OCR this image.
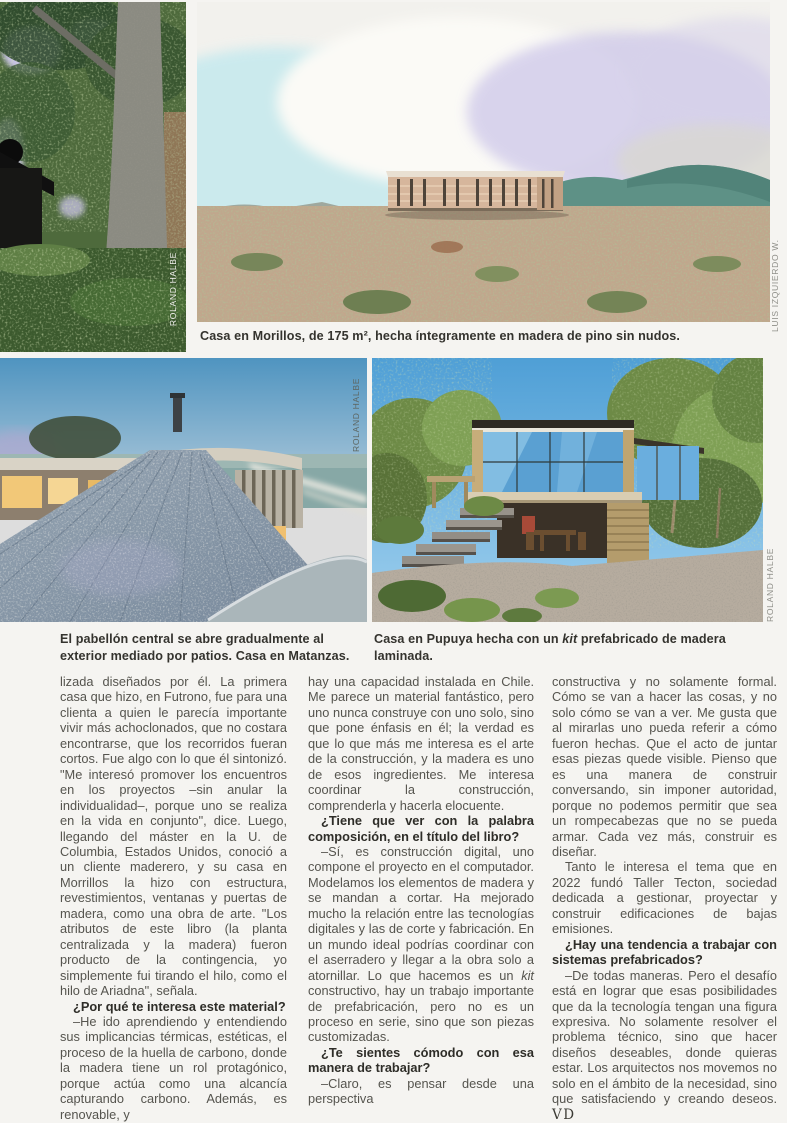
ROLAND HALBE	LUIS IZQUIERDO W.
Casa en Morillos, de 175 m², hecha íntegramente en madera de pino sin nudos.
ROLAND HALBE
ROLAND HALBE
El pabellón central se abre gradualmente al exterior mediado por patios. Casa en Matanzas.
Casa en Pupuya hecha con un kit prefabricado de madera laminada.

lizada diseñados por él. La primera casa que hizo, en Futrono, fue para una clienta a quien le parecía importante vivir más achoclonados, que no costara encontrarse, que los recorridos fueran cortos. Fue algo con lo que él sintonizó. "Me interesó promover los encuentros en los proyectos –sin anular la individualidad–, porque uno se realiza en la vida en conjunto", dice. Luego, llegando del máster en la U. de Columbia, Estados Unidos, conoció a un cliente maderero, y su casa en Morrillos la hizo con estructura, revestimientos, ventanas y puertas de madera, como una obra de arte. "Los atributos de este libro (la planta centralizada y la madera) fueron producto de la contingencia, yo simplemente fui tirando el hilo, como el hilo de Ariadna", señala.

¿Por qué te interesa este material?

–He ido aprendiendo y entendiendo sus implicancias térmicas, estéticas, el proceso de la huella de carbono, donde la madera tiene un rol protagónico, porque actúa como una alcancía capturando carbono. Además, es renovable, y

hay una capacidad instalada en Chile. Me parece un material fantástico, pero uno nunca construye con uno solo, sino que pone énfasis en él; la verdad es que lo que más me interesa es el arte de la construcción, y la madera es uno de esos ingredientes. Me interesa coordinar la construcción, comprenderla y hacerla elocuente.

¿Tiene que ver con la palabra composición, en el título del libro?

–Sí, es construcción digital, uno compone el proyecto en el computador. Modelamos los elementos de madera y se mandan a cortar. Ha mejorado mucho la relación entre las tecnologías digitales y las de corte y fabricación. En un mundo ideal podrías coordinar con el aserradero y llegar a la obra solo a atornillar. Lo que hacemos es un kit constructivo, hay un trabajo importante de prefabricación, pero no es un proceso en serie, sino que son piezas customizadas.

¿Te sientes cómodo con esa manera de trabajar?

–Claro, es pensar desde una perspectiva

constructiva y no solamente formal. Cómo se van a hacer las cosas, y no solo cómo se van a ver. Me gusta que al mirarlas uno pueda referir a cómo fueron hechas. Que el acto de juntar esas piezas quede visible. Pienso que es una manera de construir conversando, sin imponer autoridad, porque no podemos permitir que sea un rompecabezas que no se pueda armar. Cada vez más, construir es diseñar.

Tanto le interesa el tema que en 2022 fundó Taller Tecton, sociedad dedicada a gestionar, proyectar y construir edificaciones de bajas emisiones.

¿Hay una tendencia a trabajar con sistemas prefabricados?

–De todas maneras. Pero el desafío está en lograr que esas posibilidades que da la tecnología tengan una figura expresiva. No solamente resolver el problema técnico, sino que hacer diseños deseables, donde quieras estar. Los arquitectos nos movemos no solo en el ámbito de la necesidad, sino que satisfaciendo y creando deseos. VD
